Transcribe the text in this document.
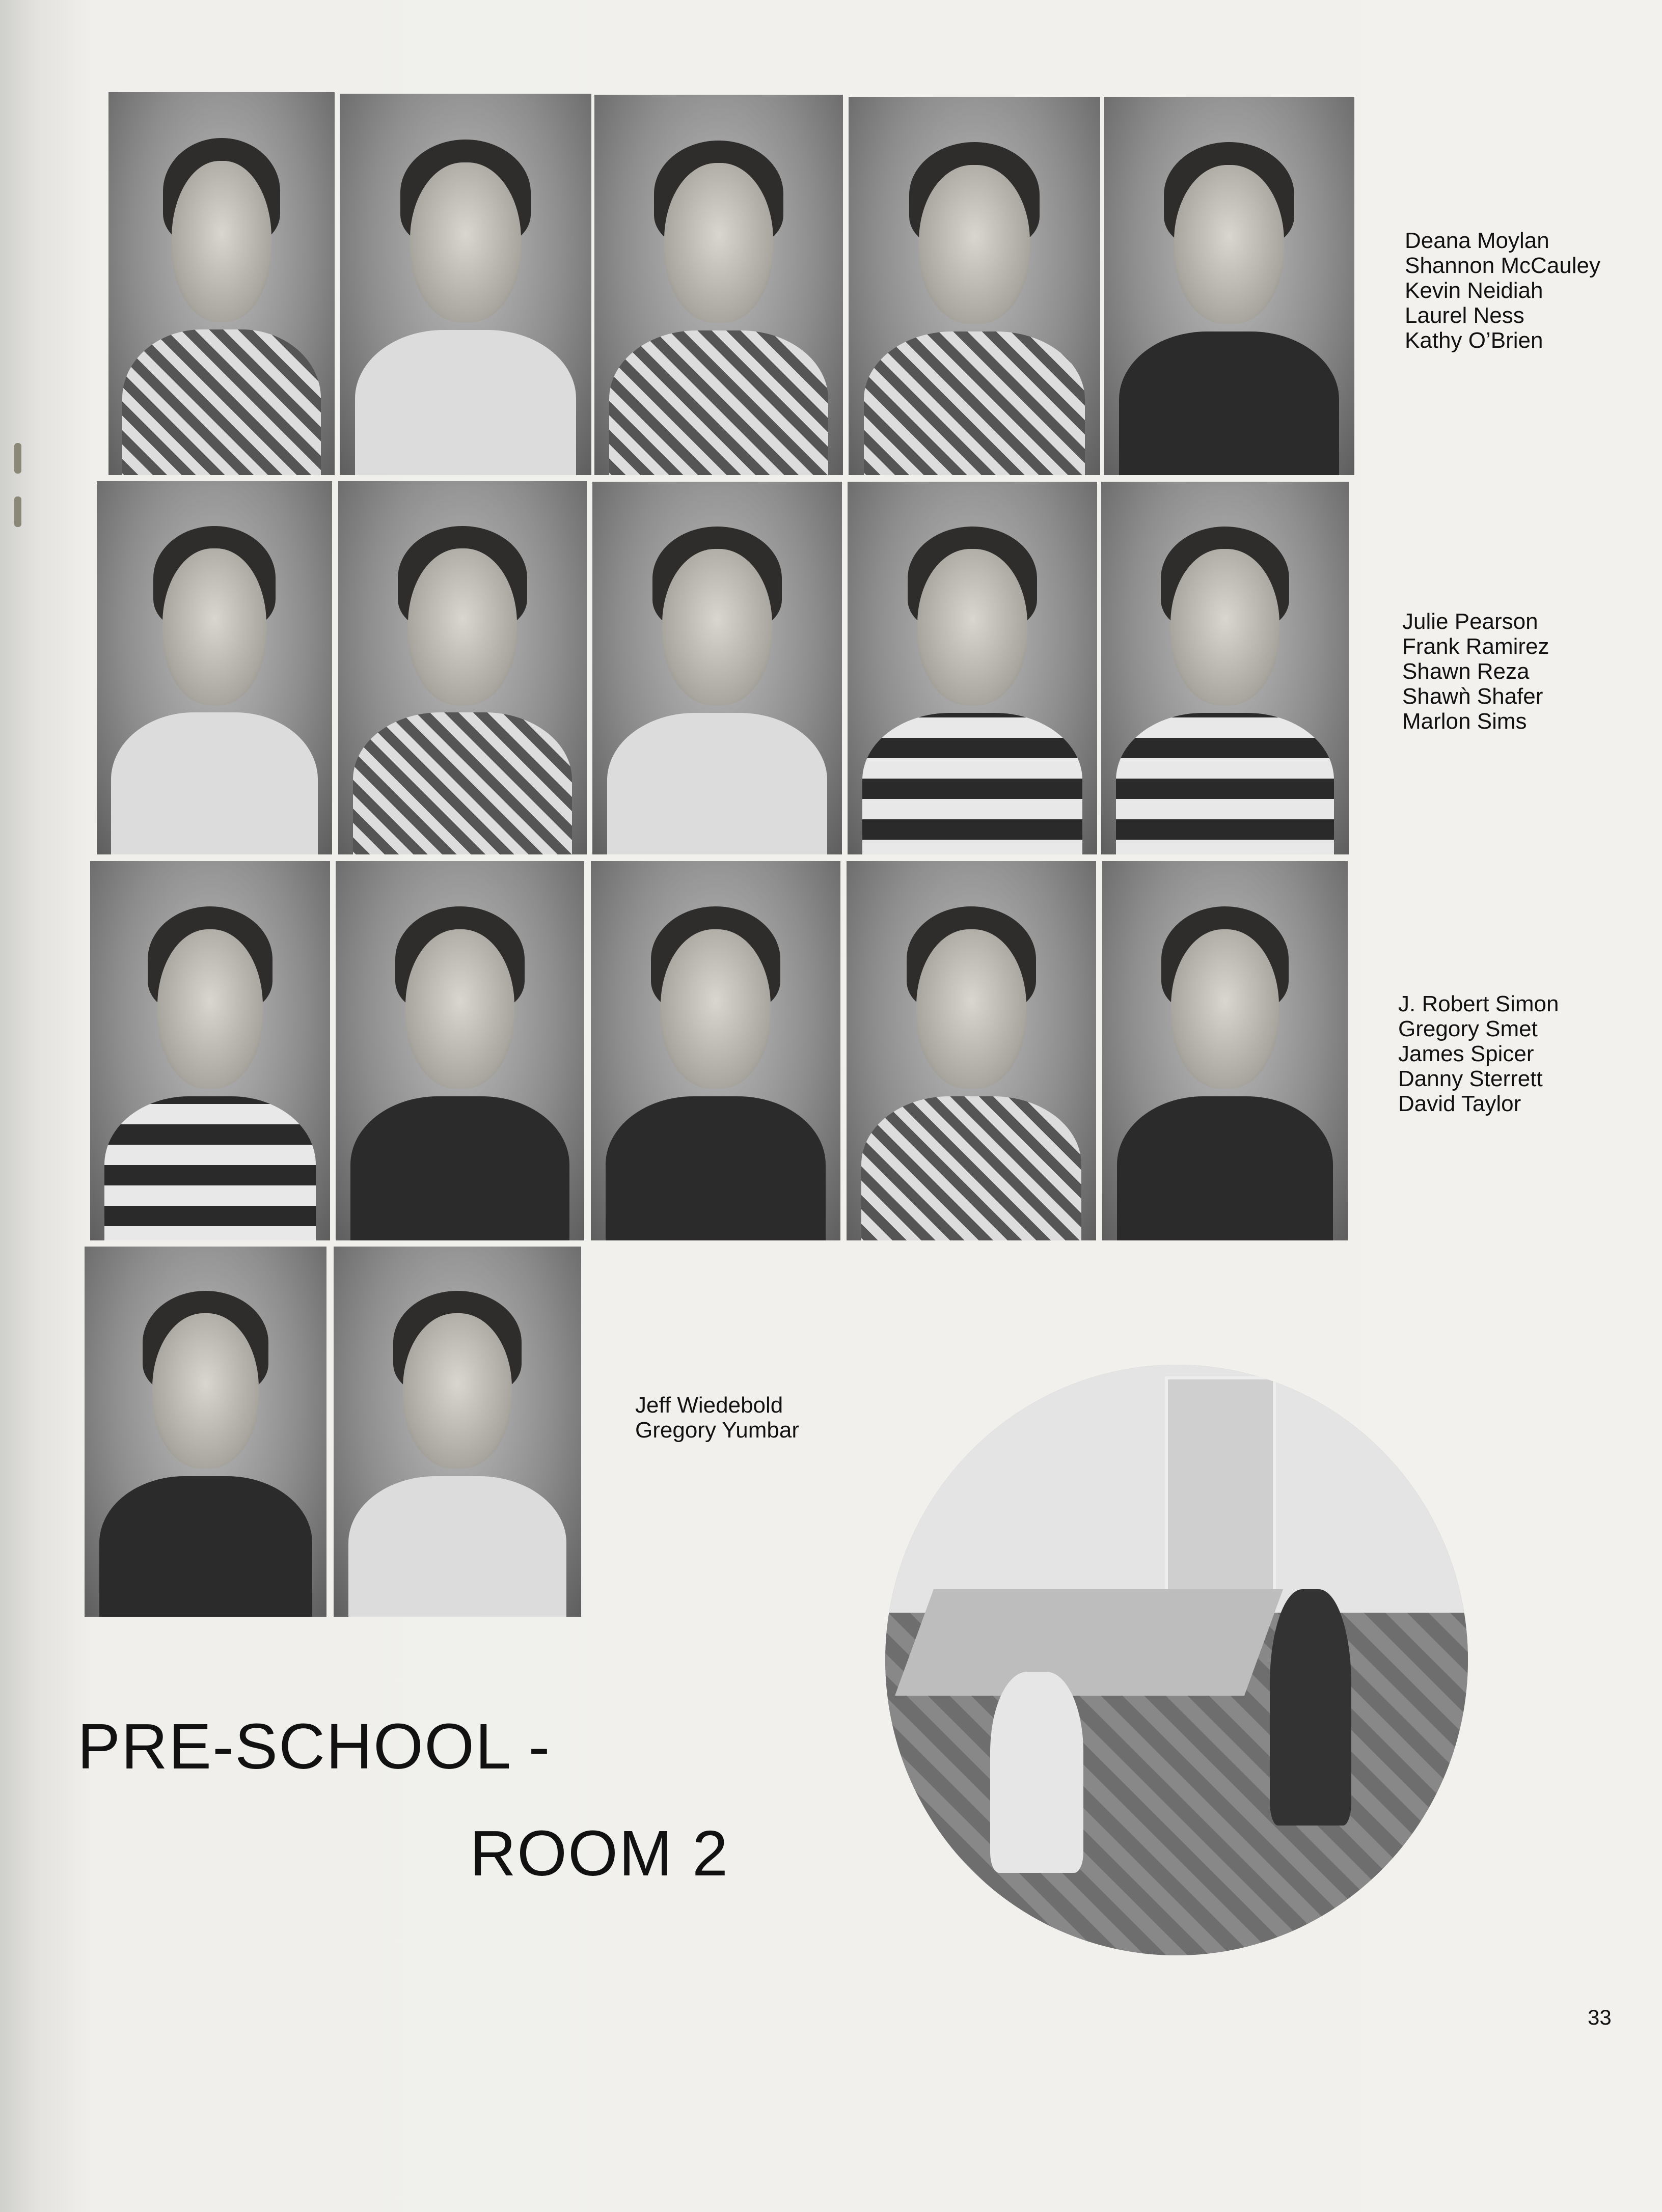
Deana Moylan
Shannon McCauley
Kevin Neidiah
Laurel Ness
Kathy O’Brien
Julie Pearson
Frank Ramirez
Shawn Reza
Shawǹ Shafer
Marlon Sims
J. Robert Simon
Gregory Smet
James Spicer
Danny Sterrett
David Taylor
Jeff Wiedebold
Gregory Yumbar
PRE-SCHOOL -
ROOM 2
33
